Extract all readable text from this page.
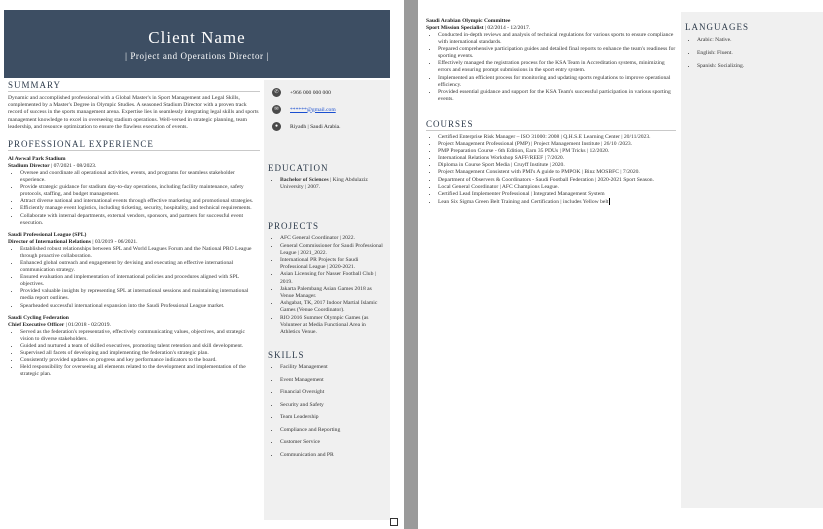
Client Name
| Project and Operations Director |
SUMMARY
Dynamic and accomplished professional with a Global Master's in Sport Management and Legal Skills, complemented by a Master's Degree in Olympic Studies. A seasoned Stadium Director with a proven track record of success in the sports management arena. Expertise lies in seamlessly integrating legal skills and sports management knowledge to excel in overseeing stadium operations. Well-versed in strategic planning, team leadership, and resource optimization to ensure the flawless execution of events.
PROFESSIONAL EXPERIENCE
Al Awwal Park Stadium
Stadium Director | 07/2021 - 08/2023.
• Oversee and coordinate all operational activities, events, and programs for seamless stakeholder experience.
• Provide strategic guidance for stadium day-to-day operations, including facility maintenance, safety protocols, staffing, and budget management.
• Attract diverse national and international events through effective marketing and promotional strategies.
• Efficiently manage event logistics, including ticketing, security, hospitality, and technical requirements.
• Collaborate with internal departments, external vendors, sponsors, and partners for successful event execution.
Saudi Professional League (SPL)
Director of International Relations | 03/2019 - 06/2021.
• Established robust relationships between SPL and World Leagues Forum and the National PRO League through proactive collaboration.
• Enhanced global outreach and engagement by devising and executing an effective international communication strategy.
• Ensured evaluation and implementation of international policies and procedures aligned with SPL objectives.
• Provided valuable insights by representing SPL at international sessions and maintaining international media report outlines.
• Spearheaded successful international expansion into the Saudi Professional League market.
Saudi Cycling Federation
Chief Executive Officer | 01/2018 - 02/2019.
• Served as the federation's representative, effectively communicating values, objectives, and strategic vision to diverse stakeholders.
• Guided and nurtured a team of skilled executives, promoting talent retention and skill development.
• Supervised all facets of developing and implementing the federation's strategic plan.
• Consistently provided updates on progress and key performance indicators to the board.
• Held responsibility for overseeing all elements related to the development and implementation of the strategic plan.
✆	+966 000 000 000
✉	******@gmail.com
●	Riyadh | Saudi Arabia.
EDUCATION
• Bachelor of Sciences | King Abdulaziz University | 2007.
PROJECTS
• AFC General Coordinator | 2022.
• General Commissioner for Saudi Professional League | 2021_2022.
• International PR Projects for Saudi Professional League | 2020-2021.
• Asian Licensing for Nasser Football Club | 2019.
• Jakarta Palembang Asian Games 2018 as Venue Manager.
• Ashgabat, TK, 2017 Indoor Martial Islamic Games (Venue Coordinator).
• RIO 2016 Summer Olympic Games (as Volunteer at Media Functional Area in Athletics Venue.
SKILLS
• Facility Management
• Event Management
• Financial Oversight
• Security and Safety
• Team Leadership
• Compliance and Reporting
• Customer Service
• Communication and PR
Saudi Arabian Olympic Committee
Sport Mission Specialist | 02/2014 - 12/2017.
• Conducted in-depth reviews and analysis of technical regulations for various sports to ensure compliance with international standards.
• Prepared comprehensive participation guides and detailed final reports to enhance the team's readiness for sporting events.
• Effectively managed the registration process for the KSA Team in Accreditation systems, minimizing errors and ensuring prompt submissions in the sport entry system.
• Implemented an efficient process for monitoring and updating sports regulations to improve operational efficiency.
• Provided essential guidance and support for the KSA Team's successful participation in various sporting events.
COURSES
• Certified Enterprise Risk Manager – ISO 31000: 2008 | Q.H.S.E Learning Center | 20/11/2023.
• Project Management Professional (PMP) | Project Management Institute | 26/10 /2023.
• PMP Preparation Course - 6th Edition, Earn 35 PDUs | PM Tricks | 12/2020.
• International Relations Workshop SAFF/REEF | 7/2020.
• Diploma in Course Sport Media | Cruyff Institute | 2020.
• Project Management Consistent with PMI's A guide to PMPOK | Binz MOSBFC | 7/2020.
• Department of Observers & Coordinators - Saudi Football Federation | 2020-2021 Sport Season.
• Local General Coordinator | AFC Champions League.
• Certified Lead Implementer Professional | Integrated Management System
• Lean Six Sigma Green Belt Training and Certification | includes Yellow belt
LANGUAGES
• Arabic: Native.
• English: Fluent.
• Spanish: Socializing.
